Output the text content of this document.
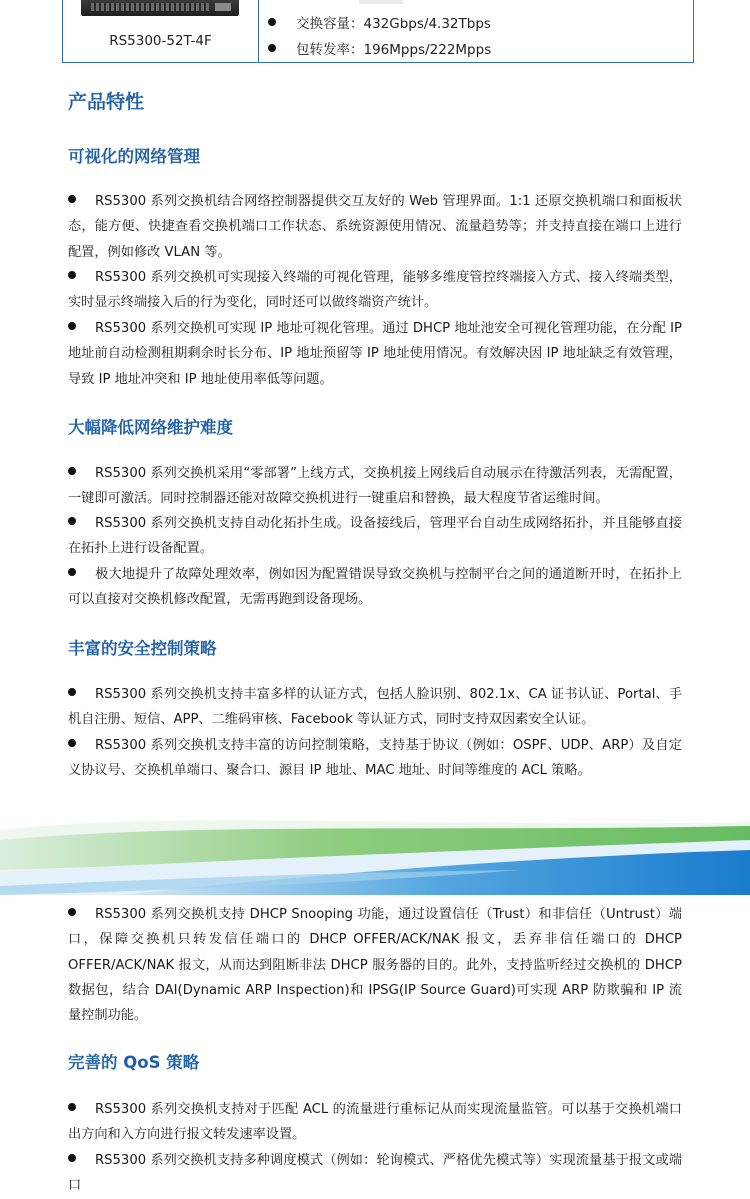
RS5300-52T-4F
交换容量：432Gbps/4.32Tbps
包转发率：196Mpps/222Mpps
产品特性
可视化的网络管理
RS5300 系列交换机结合网络控制器提供交互友好的 Web 管理界面。1:1 还原交换机端口和面板状态，能方便、快捷查看交换机端口工作状态、系统资源使用情况、流量趋势等；并支持直接在端口上进行配置，例如修改 VLAN 等。
RS5300 系列交换机可实现接入终端的可视化管理，能够多维度管控终端接入方式、接入终端类型，实时显示终端接入后的行为变化，同时还可以做终端资产统计。
RS5300 系列交换机可实现 IP 地址可视化管理。通过 DHCP 地址池安全可视化管理功能，在分配 IP 地址前自动检测租期剩余时长分布、IP 地址预留等 IP 地址使用情况。有效解决因 IP 地址缺乏有效管理，导致 IP 地址冲突和 IP 地址使用率低等问题。
大幅降低网络维护难度
RS5300 系列交换机采用“零部署”上线方式，交换机接上网线后自动展示在待激活列表，无需配置，一键即可激活。同时控制器还能对故障交换机进行一键重启和替换，最大程度节省运维时间。
RS5300 系列交换机支持自动化拓扑生成。设备接线后，管理平台自动生成网络拓扑，并且能够直接在拓扑上进行设备配置。
极大地提升了故障处理效率，例如因为配置错误导致交换机与控制平台之间的通道断开时，在拓扑上可以直接对交换机修改配置，无需再跑到设备现场。
丰富的安全控制策略
RS5300 系列交换机支持丰富多样的认证方式，包括人脸识别、802.1x、CA 证书认证、Portal、手机自注册、短信、APP、二维码审核、Facebook 等认证方式，同时支持双因素安全认证。
RS5300 系列交换机支持丰富的访问控制策略，支持基于协议（例如：OSPF、UDP、ARP）及自定义协议号、交换机单端口、聚合口、源目 IP 地址、MAC 地址、时间等维度的 ACL 策略。
RS5300 系列交换机支持 DHCP Snooping 功能，通过设置信任（Trust）和非信任（Untrust）端口，保障交换机只转发信任端口的 DHCP OFFER/ACK/NAK 报文，丢弃非信任端口的 DHCP OFFER/ACK/NAK 报文，从而达到阻断非法 DHCP 服务器的目的。此外，支持监听经过交换机的 DHCP 数据包，结合 DAI(Dynamic ARP Inspection)和 IPSG(IP Source Guard)可实现 ARP 防欺骗和 IP 流量控制功能。
完善的 QoS 策略
RS5300 系列交换机支持对于匹配 ACL 的流量进行重标记从而实现流量监管。可以基于交换机端口出方向和入方向进行报文转发速率设置。
RS5300 系列交换机支持多种调度模式（例如：轮询模式、严格优先模式等）实现流量基于报文或端口
